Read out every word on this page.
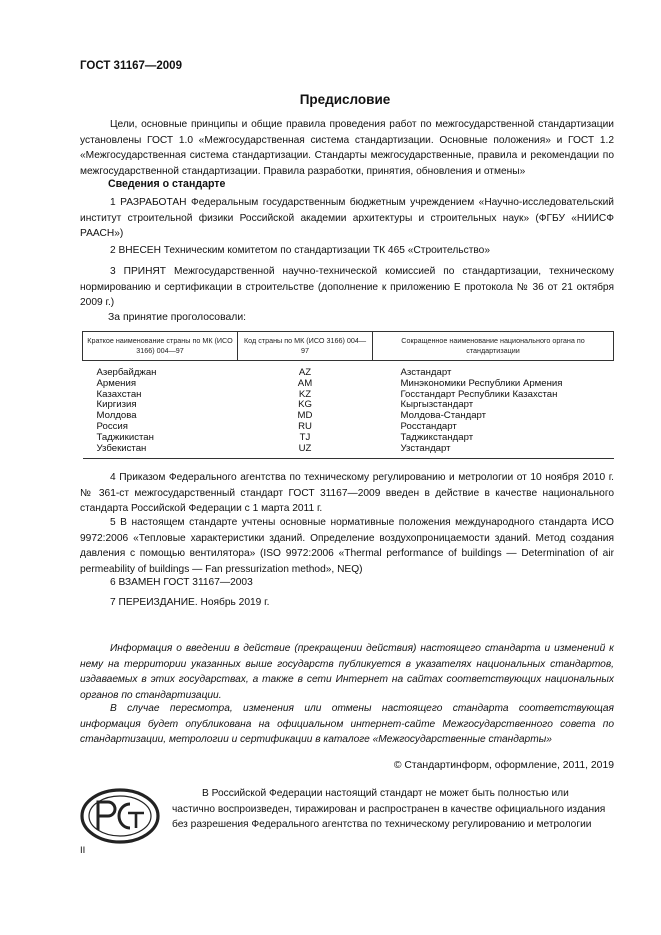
ГОСТ 31167—2009
Предисловие

Цели, основные принципы и общие правила проведения работ по межгосударственной стандартизации установлены ГОСТ 1.0 «Межгосударственная система стандартизации. Основные положения» и ГОСТ 1.2 «Межгосударственная система стандартизации. Стандарты межгосударственные, правила и рекомендации по межгосударственной стандартизации. Правила разработки, принятия, обновления и отмены»

Сведения о стандарте

1 РАЗРАБОТАН Федеральным государственным бюджетным учреждением «Научно-исследовательский институт строительной физики Российской академии архитектуры и строительных наук» (ФГБУ «НИИСФ РААСН»)

2 ВНЕСЕН Техническим комитетом по стандартизации ТК 465 «Строительство»

3 ПРИНЯТ Межгосударственной научно-технической комиссией по стандартизации, техническому нормированию и сертификации в строительстве (дополнение к приложению Е протокола № 36 от 21 октября 2009 г.)

За принятие проголосовали:
Краткое наименование страны по МК (ИСО 3166) 004—97	Код страны по МК (ИСО 3166) 004—97	Сокращенное наименование национального органа по стандартизации
Азербайджан	AZ	Азстандарт
Армения	AM	Минэкономики Республики Армения
Казахстан	KZ	Госстандарт Республики Казахстан
Киргизия	KG	Кыргызстандарт
Молдова	MD	Молдова-Стандарт
Россия	RU	Росстандарт
Таджикистан	TJ	Таджикстандарт
Узбекистан	UZ	Узстандарт

4 Приказом Федерального агентства по техническому регулированию и метрологии от 10 ноября 2010 г. № 361-ст межгосударственный стандарт ГОСТ 31167—2009 введен в действие в качестве национального стандарта Российской Федерации с 1 марта 2011 г.

5 В настоящем стандарте учтены основные нормативные положения международного стандарта ИСО 9972:2006 «Тепловые характеристики зданий. Определение воздухопроницаемости зданий. Метод создания давления с помощью вентилятора» (ISO 9972:2006 «Thermal performance of buildings — Determination of air permeability of buildings — Fan pressurization method», NEQ)

6 ВЗАМЕН ГОСТ 31167—2003

7 ПЕРЕИЗДАНИЕ. Ноябрь 2019 г.

Информация о введении в действие (прекращении действия) настоящего стандарта и изменений к нему на территории указанных выше государств публикуется в указателях национальных стандартов, издаваемых в этих государствах, а также в сети Интернет на сайтах соответствующих национальных органов по стандартизации.

В случае пересмотра, изменения или отмены настоящего стандарта соответствующая информация будет опубликована на официальном интернет-сайте Межгосударственного совета по стандартизации, метрологии и сертификации в каталоге «Межгосударственные стандарты»

© Стандартинформ, оформление, 2011, 2019

В Российской Федерации настоящий стандарт не может быть полностью или частично воспроизведен, тиражирован и распространен в качестве официального издания без разрешения Федерального агентства по техническому регулированию и метрологии

II
